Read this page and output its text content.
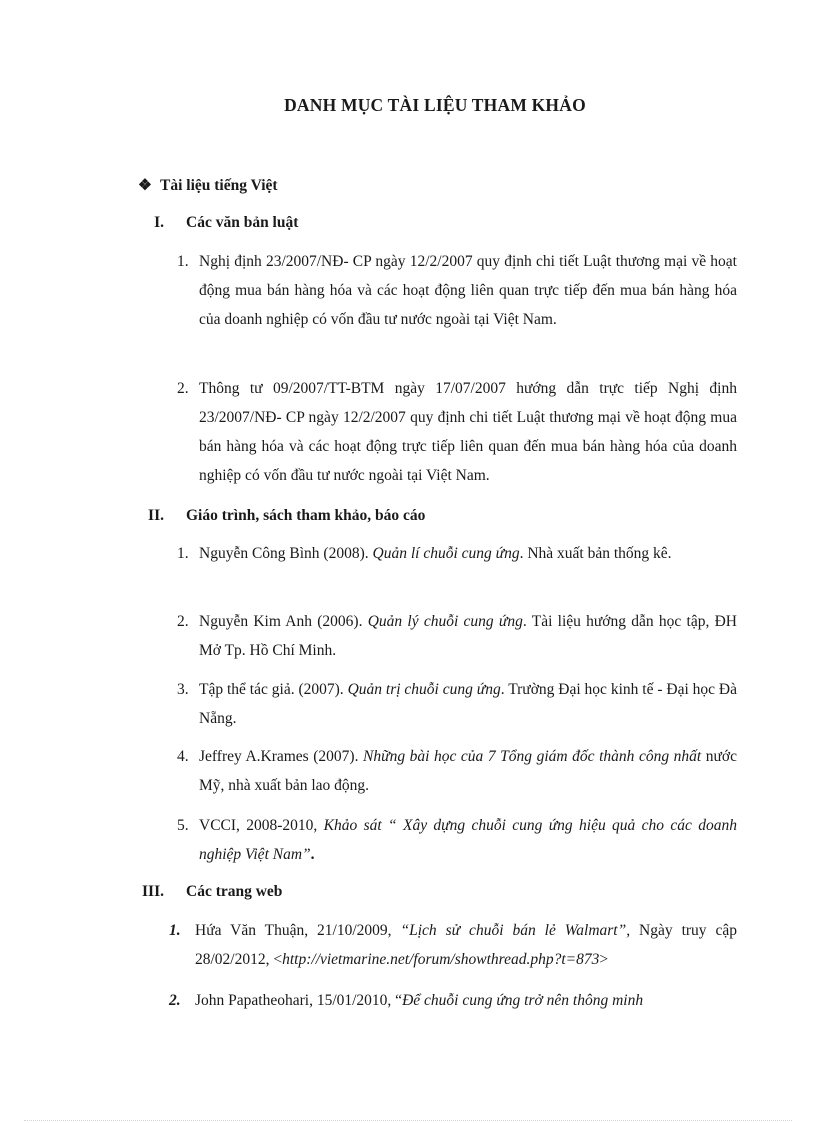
DANH MỤC TÀI LIỆU THAM KHẢO
❖ Tài liệu tiếng Việt
I. Các văn bản luật
1. Nghị định 23/2007/NĐ- CP ngày 12/2/2007 quy định chi tiết Luật thương mại về hoạt động mua bán hàng hóa và các hoạt động liên quan trực tiếp đến mua bán hàng hóa của doanh nghiệp có vốn đầu tư nước ngoài tại Việt Nam.
2. Thông tư 09/2007/TT-BTM ngày 17/07/2007 hướng dẫn trực tiếp Nghị định 23/2007/NĐ- CP ngày 12/2/2007 quy định chi tiết Luật thương mại về hoạt động mua bán hàng hóa và các hoạt động trực tiếp liên quan đến mua bán hàng hóa của doanh nghiệp có vốn đầu tư nước ngoài tại Việt Nam.
II. Giáo trình, sách tham khảo, báo cáo
1. Nguyễn Công Bình (2008). Quản lí chuỗi cung ứng. Nhà xuất bản thống kê.
2. Nguyễn Kim Anh (2006). Quản lý chuỗi cung ứng. Tài liệu hướng dẫn học tập, ĐH Mở Tp. Hồ Chí Minh.
3. Tập thể tác giả. (2007). Quản trị chuỗi cung ứng. Trường Đại học kinh tế - Đại học Đà Nẵng.
4. Jeffrey A.Krames (2007). Những bài học của 7 Tổng giám đốc thành công nhất nước Mỹ, nhà xuất bản lao động.
5. VCCI, 2008-2010, Khảo sát “ Xây dựng chuỗi cung ứng hiệu quả cho các doanh nghiệp Việt Nam”.
III. Các trang web
1. Hứa Văn Thuận, 21/10/2009, “Lịch sử chuỗi bán lẻ Walmart”, Ngày truy cập 28/02/2012, <http://vietmarine.net/forum/showthread.php?t=873>
2. John Papatheohari, 15/01/2010, “Để chuỗi cung ứng trở nên thông minh
